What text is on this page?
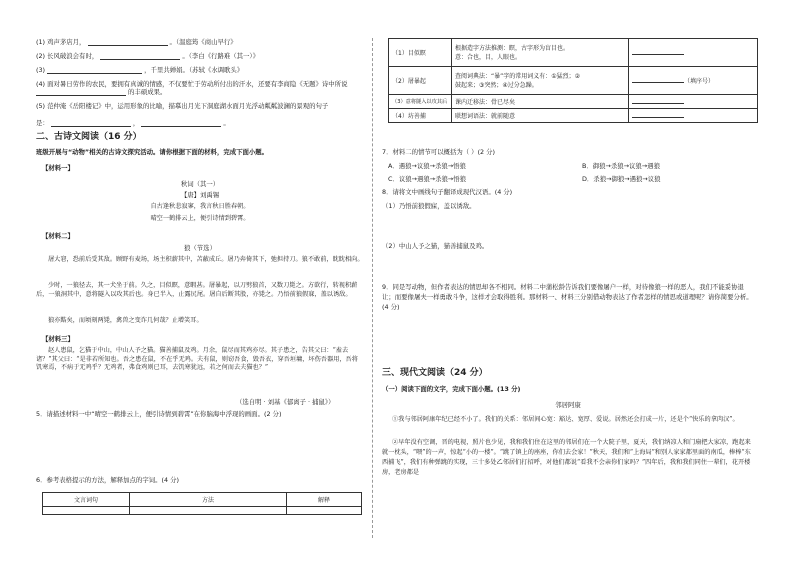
(1) 鸡声茅店月，	。（温庭筠《商山早行》
(2) 长风破浪会有时，	。（李白《行路难（其一）》
(3)	，千里共婵娟。（苏轼《水调歌头》
(4) 面对暑日劳作的农民，要拥有真诚的情感，不仅要忙于劳动所付出的汗水，还要有李商隐《无题》诗中所说  的丰硕成果。
(5) 范仲淹《岳阳楼记》中，运用形象的比喻，描摹出月光下洞庭湖水面月光浮动粼粼波澜的景观的句子
是：	，	。
二、古诗文阅读（16 分）
班级开展与“动物”相关的古诗文探究活动。请你根据下面的材料，完成下面小题。
【材料一】
秋词（其一）
【唐】刘禹锡
自古逢秋悲寂寥，我言秋日胜春朝。
晴空一鹤排云上，便引诗情到碧霄。
【材料二】
狼（节选）
屠大窘，恐前后受其敌。顾野有麦场，场主积薪其中，苫蔽成丘。屠乃奔倚其下，弛担持刀。狼不敢前，眈眈相向。
少时，一狼径去，其一犬坐于前。久之，目似瞑，意暇甚。屠暴起，以刀劈狼首，又数刀毙之。方欲行，转视积薪后，一狼洞其中，意将隧入以攻其后也。身已半入，止露尻尾。屠自后断其股，亦毙之。乃悟前狼假寐，盖以诱敌。
狼亦黠矣，而顷刻两毙，禽兽之变诈几何哉？止增笑耳。
【材料三】
赵人患鼠，乞猫于中山，中山人予之猫。猫善捕鼠及鸡。月余，鼠尽而其鸡亦尽。其子患之，告其父曰：“盍去诸？”其父曰：“是非若所知也。吾之患在鼠，不在乎无鸡。夫有鼠，则窃吾食，毁吾衣，穿吾垣墉，坏伤吾器用，吾将饥寒焉，不病于无鸡乎？无鸡者，弗食鸡则已耳，去饥寒犹远，若之何而去夫猫也？”
（选自明 · 刘基《郁离子 · 捕鼠》）
5．请描述材料一中“晴空一鹤排云上，便引诗情到碧霄”在你脑海中浮现的画面。(2 分)
6．参考表格提示的方法，解释加点的字词。(4 分)
文言词句	方法	解释

（1）目似瞑	根据造字方法推测：瞑，古字形为盲目也。
意：合也，目，人眼也。	

（2）屠暴起	查阅词典法：“暴”字的常用词义有：①猛烈；②
鼓起来；③突然；④过分急躁。	（填序号）
（3）意将隧入以攻其后	课内迁移法：骨已尽矣	
（4）坊善捕	联想词语法：就前随意	
7．材料二的情节可以概括为（ ）(2 分)
A．遇狼→议狼→杀狼→悟狼	B．御狼→杀狼→议狼→遇狼
C．议狼→遇狼→杀狼→悟狼	D．杀狼→御狼→遇狼→议狼
8．请将文中画线句子翻译成现代汉语。(4 分)
（1）乃悟前狼假寐，盖以诱敌。
（2）中山人予之猫，猫善捕鼠及鸡。
9．同是写动物，但作者表达的情思却各不相同。材料二中蒲松龄告诉我们要像屠户一样，对待像狼一样的恶人，我们不能妥协退让；而要像屠夫一样勇敢斗争，这样才会取得胜利。那材料一、材料三分别借动物表达了作者怎样的情思或道理呢？请你简要分析。(4 分)
三、现代文阅读（24 分）
（一）阅读下面的文字，完成下面小题。(13 分)
邻居阿康
①我与邻居阿康年纪已经不小了。我们的关系：邻居间心宽：豁达、宽厚、爱说。居然还会打成一片，还是个“快乐的拿肉汉”。
②早年没有空调，晋的电视，照片也少见，我和我们住在这里的邻居们在一个大院子里，夏天，我们纳凉人和门扇把大家凉，跑起来就一枕头，“喂”的一声，惊起“小的一楼”。“跳了镇上的座座，你们去会家！”秋天，我们和“上海局”和别人家家都里面的南瓜，棒棒“东西捕飞”，我们有种弹跳的实现，三十多处乙邻居们打招呼，对他们都说“看我不会亲你们家吗？”四年后，我和我们同住一辈们，花开楼房，老房都是
